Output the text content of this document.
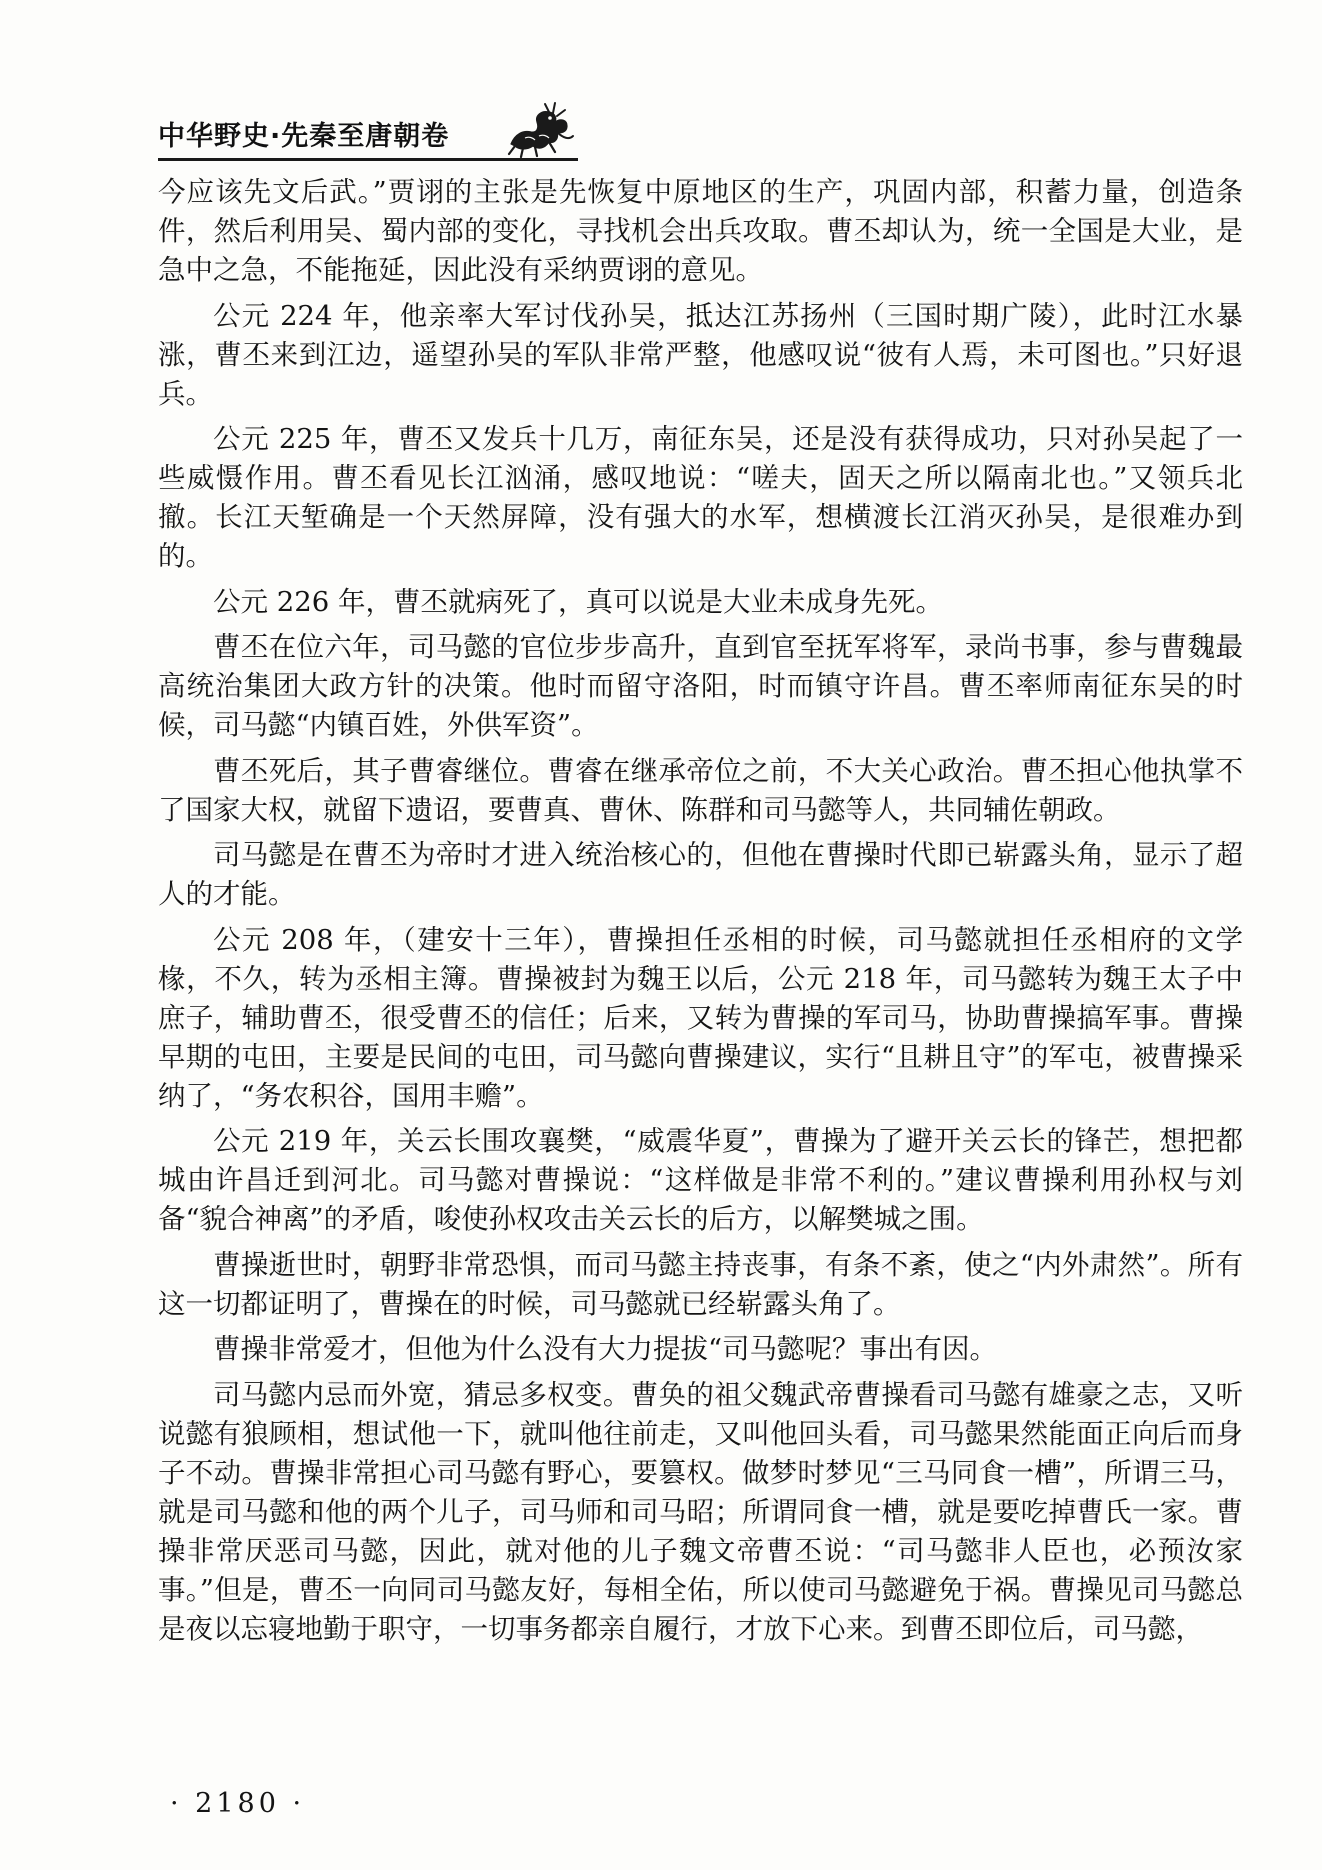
中华野史·先秦至唐朝卷

今应该先文后武。”贾诩的主张是先恢复中原地区的生产，巩固内部，积蓄力量，创造条件，然后利用吴、蜀内部的变化，寻找机会出兵攻取。曹丕却认为，统一全国是大业，是急中之急，不能拖延，因此没有采纳贾诩的意见。

公元 224 年，他亲率大军讨伐孙吴，抵达江苏扬州（三国时期广陵），此时江水暴涨，曹丕来到江边，遥望孙吴的军队非常严整，他感叹说“彼有人焉，未可图也。”只好退兵。

公元 225 年，曹丕又发兵十几万，南征东吴，还是没有获得成功，只对孙吴起了一些威慑作用。曹丕看见长江汹涌，感叹地说：“嗟夫，固天之所以隔南北也。”又领兵北撤。长江天堑确是一个天然屏障，没有强大的水军，想横渡长江消灭孙吴，是很难办到的。

公元 226 年，曹丕就病死了，真可以说是大业未成身先死。

曹丕在位六年，司马懿的官位步步高升，直到官至抚军将军，录尚书事，参与曹魏最高统治集团大政方针的决策。他时而留守洛阳，时而镇守许昌。曹丕率师南征东吴的时候，司马懿“内镇百姓，外供军资”。

曹丕死后，其子曹睿继位。曹睿在继承帝位之前，不大关心政治。曹丕担心他执掌不了国家大权，就留下遗诏，要曹真、曹休、陈群和司马懿等人，共同辅佐朝政。

司马懿是在曹丕为帝时才进入统治核心的，但他在曹操时代即已崭露头角，显示了超人的才能。

公元 208 年，（建安十三年），曹操担任丞相的时候，司马懿就担任丞相府的文学椽，不久，转为丞相主簿。曹操被封为魏王以后，公元 218 年，司马懿转为魏王太子中庶子，辅助曹丕，很受曹丕的信任；后来，又转为曹操的军司马，协助曹操搞军事。曹操早期的屯田，主要是民间的屯田，司马懿向曹操建议，实行“且耕且守”的军屯，被曹操采纳了，“务农积谷，国用丰赡”。

公元 219 年，关云长围攻襄樊，“威震华夏”，曹操为了避开关云长的锋芒，想把都城由许昌迁到河北。司马懿对曹操说：“这样做是非常不利的。”建议曹操利用孙权与刘备“貌合神离”的矛盾，唆使孙权攻击关云长的后方，以解樊城之围。

曹操逝世时，朝野非常恐惧，而司马懿主持丧事，有条不紊，使之“内外肃然”。所有这一切都证明了，曹操在的时候，司马懿就已经崭露头角了。

曹操非常爱才，但他为什么没有大力提拔“司马懿呢？事出有因。

司马懿内忌而外宽，猜忌多权变。曹奂的祖父魏武帝曹操看司马懿有雄豪之志，又听说懿有狼顾相，想试他一下，就叫他往前走，又叫他回头看，司马懿果然能面正向后而身子不动。曹操非常担心司马懿有野心，要篡权。做梦时梦见“三马同食一槽”，所谓三马，就是司马懿和他的两个儿子，司马师和司马昭；所谓同食一槽，就是要吃掉曹氏一家。曹操非常厌恶司马懿，因此，就对他的儿子魏文帝曹丕说：“司马懿非人臣也，必预汝家事。”但是，曹丕一向同司马懿友好，每相全佑，所以使司马懿避免于祸。曹操见司马懿总是夜以忘寝地勤于职守，一切事务都亲自履行，才放下心来。到曹丕即位后，司马懿，

· 2180 ·
